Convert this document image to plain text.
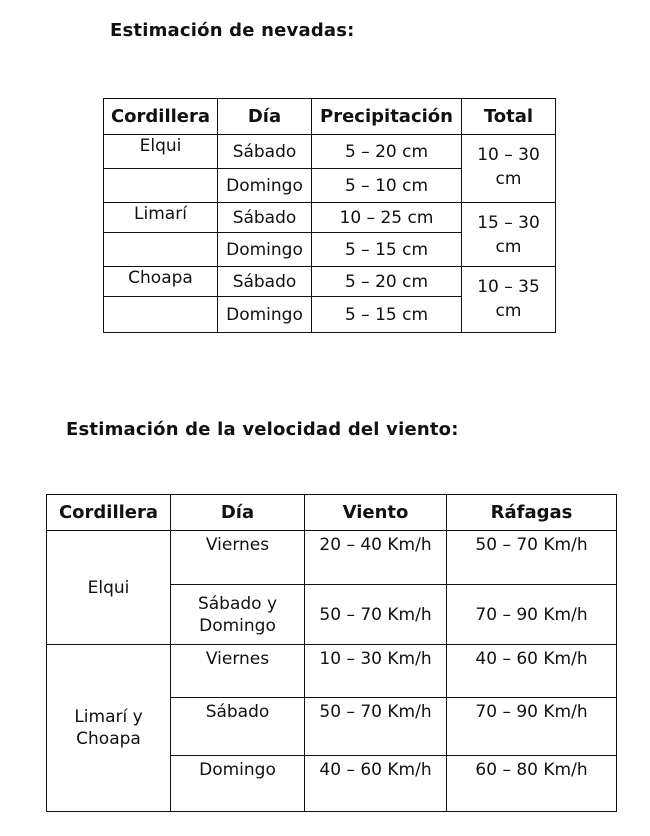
Estimación de nevadas:
Cordillera	Día	Precipitación	Total
Elqui	Sábado	5 – 20 cm	10 – 30 cm
	Domingo	5 – 10 cm	
Limarí	Sábado	10 – 25 cm	15 – 30 cm
	Domingo	5 – 15 cm	
Choapa	Sábado	5 – 20 cm	10 – 35 cm
	Domingo	5 – 15 cm	
Estimación de la velocidad del viento:
Cordillera	Día	Viento	Ráfagas
Elqui	Viernes	20 – 40 Km/h	50 – 70 Km/h
	Sábado y Domingo	50 – 70 Km/h	70 – 90 Km/h
Limarí y Choapa	Viernes	10 – 30 Km/h	40 – 60 Km/h
	Sábado	50 – 70 Km/h	70 – 90 Km/h
	Domingo	40 – 60 Km/h	60 – 80 Km/h
